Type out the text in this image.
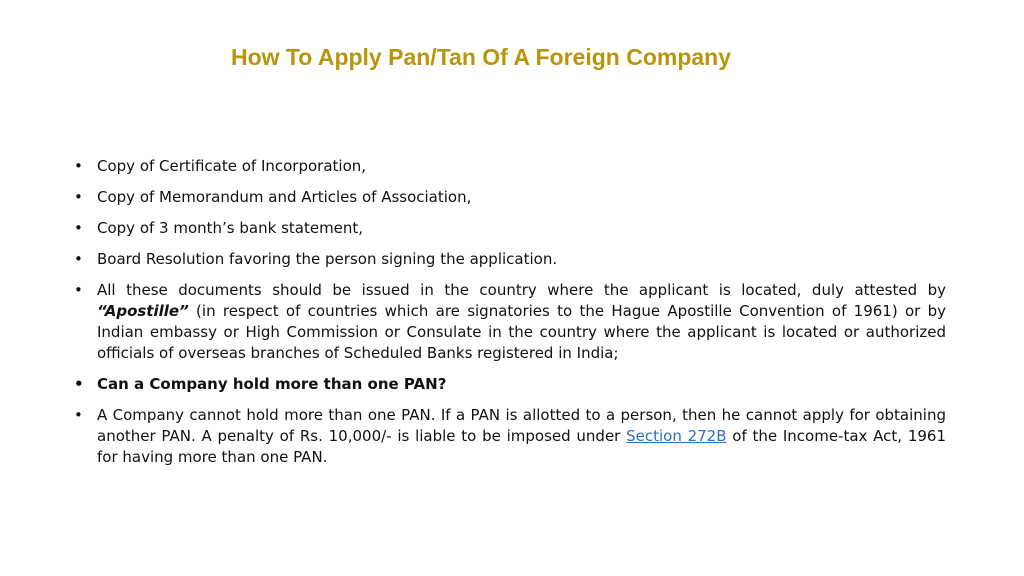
How To Apply Pan/Tan Of A Foreign Company
• Copy of Certificate of Incorporation,
• Copy of Memorandum and Articles of Association,
• Copy of 3 month’s bank statement,
• Board Resolution favoring the person signing the application.
• All these documents should be issued in the country where the applicant is located, duly attested by “Apostille” (in respect of countries which are signatories to the Hague Apostille Convention of 1961) or by Indian embassy or High Commission or Consulate in the country where the applicant is located or authorized officials of overseas branches of Scheduled Banks registered in India;
• Can a Company hold more than one PAN?
• A Company cannot hold more than one PAN. If a PAN is allotted to a person, then he cannot apply for obtaining another PAN. A penalty of Rs. 10,000/- is liable to be imposed under Section 272B of the Income-tax Act, 1961 for having more than one PAN.
